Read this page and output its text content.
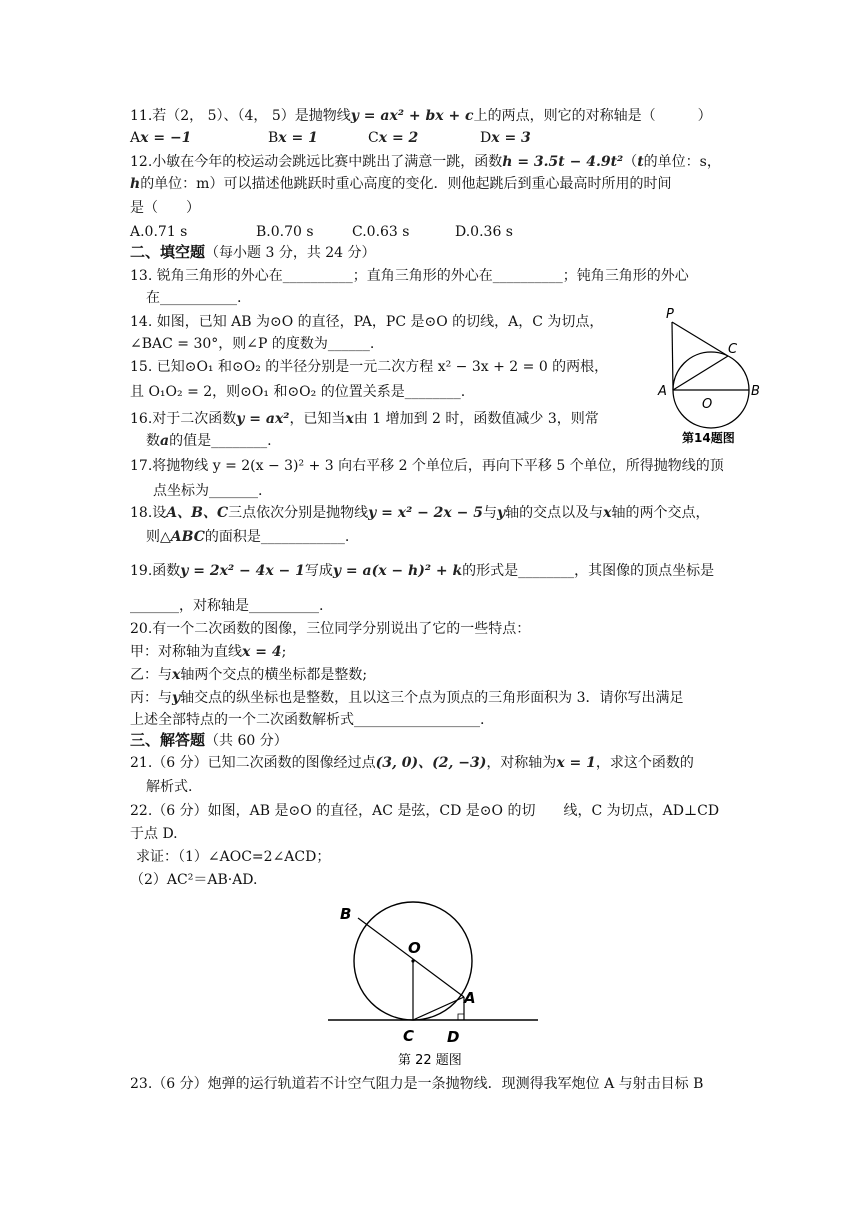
11.若（2， 5）、（4， 5）是抛物线y = ax² + bx + c上的两点，则它的对称轴是（　　　）
Ax = −1	Bx = 1	Cx = 2	Dx = 3
12.小敏在今年的校运动会跳远比赛中跳出了满意一跳，函数h = 3.5t − 4.9t²（t的单位：s，
h的单位：m）可以描述他跳跃时重心高度的变化．则他起跳后到重心最高时所用的时间
是（　　）
A.0.71 s	B.0.70 s	C.0.63 s	D.0.36 s
二、填空题（每小题 3 分，共 24 分）
13. 锐角三角形的外心在__________；直角三角形的外心在__________；钝角三角形的外心
在___________.
14. 如图，已知 AB 为⊙O 的直径，PA，PC 是⊙O 的切线，A，C 为切点，
∠BAC = 30°，则∠P 的度数为______.
15. 已知⊙O₁ 和⊙O₂ 的半径分别是一元二次方程 x² − 3x + 2 = 0 的两根，
且 O₁O₂ = 2，则⊙O₁ 和⊙O₂ 的位置关系是________.
16.对于二次函数y = ax²，已知当x由 1 增加到 2 时，函数值减少 3，则常
数a的值是________.
17.将抛物线 y = 2(x − 3)² + 3 向右平移 2 个单位后，再向下平移 5 个单位，所得抛物线的顶
点坐标为_______.
18.设A、B、C三点依次分别是抛物线y = x² − 2x − 5与y轴的交点以及与x轴的两个交点，
则△ABC的面积是____________.
19.函数y = 2x² − 4x − 1写成y = a(x − h)² + k的形式是________，其图像的顶点坐标是
_______，对称轴是__________.
20.有一个二次函数的图像，三位同学分别说出了它的一些特点：
甲：对称轴为直线x = 4;
乙：与x轴两个交点的横坐标都是整数;
丙：与y轴交点的纵坐标也是整数，且以这三个点为顶点的三角形面积为 3．请你写出满足
上述全部特点的一个二次函数解析式__________________.
三、解答题（共 60 分）
21.（6 分）已知二次函数的图像经过点(3, 0)、(2, −3)，对称轴为x = 1，求这个函数的
解析式.
22.（6 分）如图，AB 是⊙O 的直径，AC 是弦，CD 是⊙O 的切　　线，C 为切点，AD⊥CD
于点 D.
求证：（1）∠AOC=2∠ACD；
（2）AC²＝AB·AD.
23.（6 分）炮弹的运行轨道若不计空气阻力是一条抛物线．现测得我军炮位 A 与射击目标 B
P
C
A	B
O
第14题图
B
O
A
C D
第 22 题图
